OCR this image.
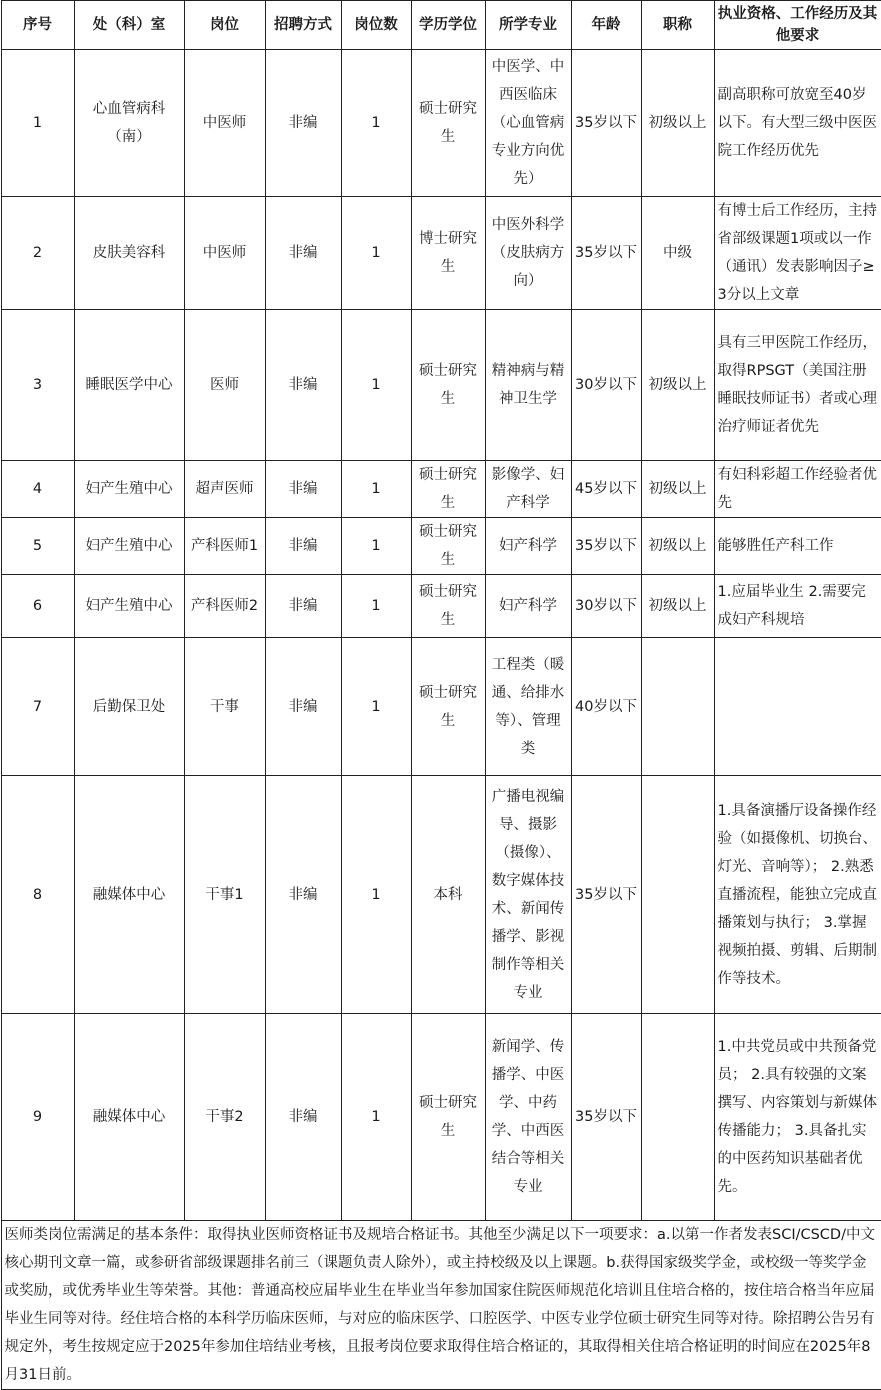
序号	处（科）室	岗位	招聘方式	岗位数	学历学位	所学专业	年龄	职称	执业资格、工作经历及其他要求
1	心血管病科（南）	中医师	非编	1	硕士研究生	中医学、中西医临床（心血管病专业方向优先）	35岁以下	初级以上	副高职称可放宽至40岁以下。有大型三级中医医院工作经历优先
2	皮肤美容科	中医师	非编	1	博士研究生	中医外科学（皮肤病方向）	35岁以下	中级	有博士后工作经历，主持省部级课题1项或以一作（通讯）发表影响因子≥3分以上文章
3	睡眠医学中心	医师	非编	1	硕士研究生	精神病与精神卫生学	30岁以下	初级以上	具有三甲医院工作经历，取得RPSGT（美国注册睡眠技师证书）者或心理治疗师证者优先
4	妇产生殖中心	超声医师	非编	1	硕士研究生	影像学、妇产科学	45岁以下	初级以上	有妇科彩超工作经验者优先
5	妇产生殖中心	产科医师1	非编	1	硕士研究生	妇产科学	35岁以下	初级以上	能够胜任产科工作
6	妇产生殖中心	产科医师2	非编	1	硕士研究生	妇产科学	30岁以下	初级以上	1.应届毕业生 2.需要完成妇产科规培
7	后勤保卫处	干事	非编	1	硕士研究生	工程类（暖通、给排水等）、管理类	40岁以下		
8	融媒体中心	干事1	非编	1	本科	广播电视编导、摄影（摄像）、数字媒体技术、新闻传播学、影视制作等相关专业	35岁以下		1.具备演播厅设备操作经验（如摄像机、切换台、灯光、音响等）； 2.熟悉直播流程，能独立完成直播策划与执行； 3.掌握视频拍摄、剪辑、后期制作等技术。
9	融媒体中心	干事2	非编	1	硕士研究生	新闻学、传播学、中医学、中药学、中西医结合等相关专业	35岁以下		1.中共党员或中共预备党员； 2.具有较强的文案撰写、内容策划与新媒体传播能力； 3.具备扎实的中医药知识基础者优先。
医师类岗位需满足的基本条件：取得执业医师资格证书及规培合格证书。其他至少满足以下一项要求：a.以第一作者发表SCI/CSCD/中文核心期刊文章一篇，或参研省部级课题排名前三（课题负责人除外），或主持校级及以上课题。b.获得国家级奖学金，或校级一等奖学金或奖励，或优秀毕业生等荣誉。其他：普通高校应届毕业生在毕业当年参加国家住院医师规范化培训且住培合格的，按住培合格当年应届毕业生同等对待。经住培合格的本科学历临床医师，与对应的临床医学、口腔医学、中医专业学位硕士研究生同等对待。除招聘公告另有规定外，考生按规定应于2025年参加住培结业考核，且报考岗位要求取得住培合格证的，其取得相关住培合格证明的时间应在2025年8月31日前。									
